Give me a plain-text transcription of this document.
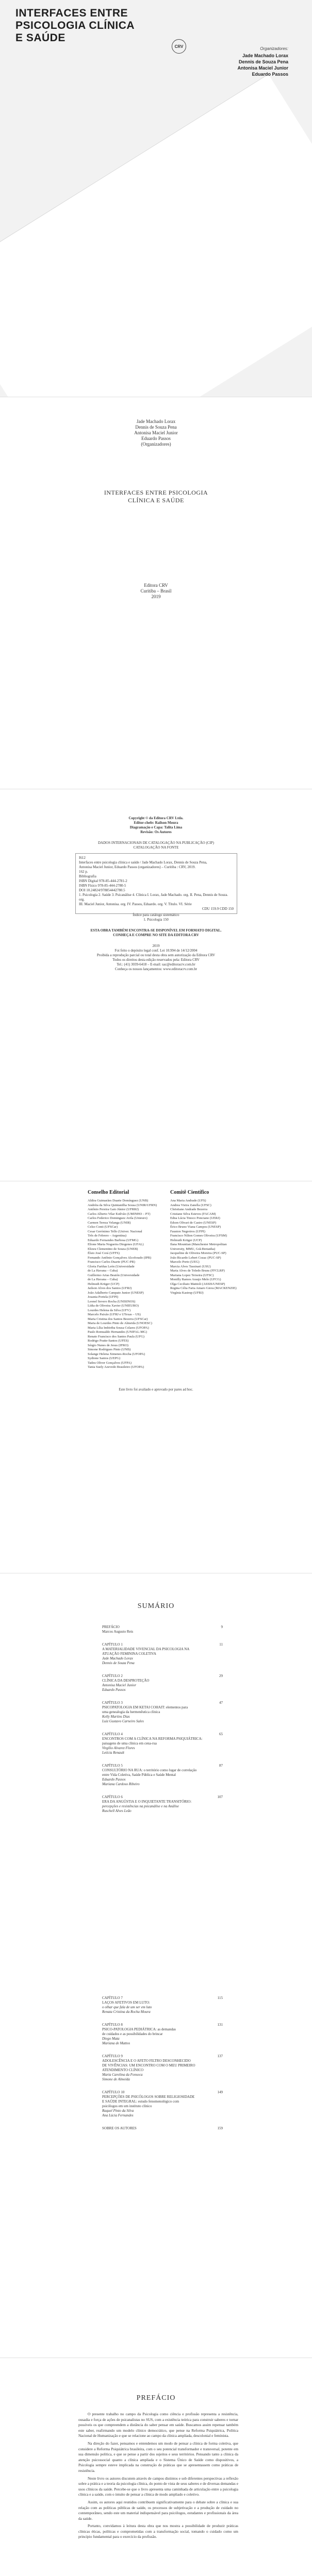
INTERFACES ENTRE PSICOLOGIA CLÍNICA E SAÚDE
CRV	Organizadores:
Jade Machado Lorax
Dennis de Souza Pena
Antonisa Maciel Junior
Eduardo Passos
Jade Machado Lorax
Dennis de Souza Pena
Antonisa Maciel Junior
Eduardo Passos
(Organizadores)
INTERFACES ENTRE PSICOLOGIA
CLÍNICA E SAÚDE
Editora CRV
Curitiba – Brasil
2019
Copyright © da Editora CRV Ltda.
Editor-chefe: Railson Moura
Diagramação e Capa: Talita Lima
Revisão: Os Autores
DADOS INTERNACIONAIS DE CATALOGAÇÃO NA PUBLICAÇÃO (CIP)
CATALOGAÇÃO NA FONTE
I612
Interfaces entre psicologia clínica e saúde / Jade Machado Lorax, Dennis de Souza Pena,
Antonisa Maciel Junior, Eduardo Passos (organizadores) – Curitiba : CRV, 2019.
162 p.
Bibliografia
ISBN Digital 978-85-444-2781-2
ISBN Físico 978-85-444-2780-5
DOI 10.24824/978854442780.5
1. Psicologia 2. Saúde 3. Psicanálise 4. Clínica I. Lorax, Jade Machado. org. II. Pena, Dennis de Souza. org.
III. Maciel Junior, Antonisa. org. IV. Passos, Eduardo. org. V. Título. VI. Série
CDU 159.9 CDD 150
Índice para catálogo sistemático
1. Psicologia 150
ESTA OBRA TAMBÉM ENCONTRA-SE DISPONÍVEL EM FORMATO DIGITAL.
CONHEÇA E COMPRE NO SITE DA EDITORA CRV
2019
Foi feito o depósito legal conf. Lei 10.994 de 14/12/2004
Proibida a reprodução parcial ou total desta obra sem autorização da Editora CRV
Todos os direitos desta edição reservados pela: Editora CRV
Tel.: (41) 3039-6418 – E-mail: sac@editoracrv.com.br
Conheça os nossos lançamentos: www.editoracrv.com.br
Conselho Editorial	Comitê Científico
Aldira Guimarães Duarte Domínguez (UNB)
Andréia da Silva Quintanilha Sousa (UNIR/UFRN)
Antônio Pereira Gaio Júnior (UFRRJ)
Carlos Alberto Vilar Estêvão (UMINHO – PT)
Carlos Federico Dominguez Avila (Unieuro)
Carmen Tereza Velanga (UNIR)
Celso Conti (UFSCar)
Cesar Gerónimo Tello (Univer. Nacional
Três de Febrero – Argentina)
Eduardo Fernandes Barbosa (UFMG)
Elione Maria Nogueira Diogenes (UFAL)
Elizeu Clementino de Souza (UNEB)
Élsio José Corá (UFFS)
Fernando Antônio Gonçalves Alcoforado (IPB)
Francisco Carlos Duarte (PUC-PR)
Gloria Fariñas León (Universidade
de La Havana – Cuba)
Guillermo Arias Beatón (Universidade
de La Havana – Cuba)
Helmuth Krüger (UCP)
Jailson Alves dos Santos (UFRJ)
João Adalberto Campato Junior (UNESP)
Josania Portela (UFPI)
Leonel Severo Rocha (UNISINOS)
Lídia de Oliveira Xavier (UNIEURO)
Lourdes Helena da Silva (UFV)
Marcelo Paixão (UFRJ e UTexas – US)
Maria Cristina dos Santos Bezerra (UFSCar)
Maria de Lourdes Pinto de Almeida (UNOESC)
Maria Lília Imbiriba Sousa Colares (UFOPA)
Paulo Romualdo Hernandes (UNIFAL-MG)
Renato Francisco dos Santos Paula (UFG)
Rodrigo Pratte-Santos (UFES)
Sérgio Nunes de Jesus (IFRO)
Simone Rodrigues Pinto (UNB)
Solange Helena Ximenes-Rocha (UFOPA)
Sydione Santos (UEPG)
Tadeu Oliver Gonçalves (UFPA)
Tania Suely Azevedo Brasileiro (UFOPA)
Ana Maria Andrade (UFS)
Andrea Vieira Zanella (UFSC)
Christiane Andrade Bezerra
Cristiane Silva Esteves (FACAM)
Edna Lúcia Tinoco Ponciano (UERJ)
Edson Olivari de Castro (UNESP)
Érico Bruno Viana Campos (UNESP)
Fauston Negreiros (UFPI)
Francisco Nilton Gomes Oliveira (UFSM)
Helmuth Krüger (UCP)
Ilana Mountian (Manchester Metropolitan
University, MMU, Grã-Bretanha)
Jacqueline de Oliveira Moreira (PUC-SP)
João Ricardo Lebert Cozac (PUC-SP)
Marcelo Porto (UEG)
Marcia Alves Tassinari (USU)
Maria Alves de Toledo Bruns (FFCLRP)
Mariana Lopez Teixeira (UFSC)
Monilly Ramos Araujo Melo (UFCG)
Olga Ceciliato Mattioli (ASSIS/UNESP)
Regina Célia Faria Amaro Giora (MACKENZIE)
Virgínia Kastrup (UFRJ)
Este livro foi avaliado e aprovado por pares ad hoc.
SUMÁRIO
PREFÁCIO
Marcos Augusto Reis
9
CAPÍTULO 1
A MATERIALIDADE VIVENCIAL DA PSICOLOGIA NA
ATUAÇÃO FEMININA COLETIVA
Jade Machado Lorax
Dennis de Souza Pena
11
CAPÍTULO 2
CLÍNICA DA DESPROTEÇÃO
Antonisa Maciel Junior
Eduardo Passos
29
CAPÍTULO 3
PSICOPATOLOGIA EM KETAI COHAIT: elementos para
uma genealogia da hermenêutica clínica
Kelly Martins Dias
Luiz Gustavo Carneiro Sales
47
CAPÍTULO 4
ENCONTROS COM A CLÍNICA NA REFORMA PSIQUIÁTRICA:
paisagens de uma clínica em cena-rua
Virgílio Alvarez Flores
Letícia Renault
65
CAPÍTULO 5
CONSULTÓRIO NA RUA: o território como lugar de correlação
entre Vida Coletiva, Saúde Pública e Saúde Mental
Eduardo Passos
Mariana Cardoso Ribeiro
87
CAPÍTULO 6
ERA DA ANGÚSTIA E O INQUIETANTE TRANSITÓRIO:
percepções e resistências na psicanálise e na Análise
Ruschell Alves Leão
107
CAPÍTULO 7
LAÇOS AFETIVOS EM LUTO:
o olhar que fala de um ser em luto
Renata Cristina da Rocha Moura
115
CAPÍTULO 8
PSICO-PATOLOGIA PEDIÁTRICA: as demandas
de cuidados e as possibilidades do brincar
Diego Mata
Mariana de Mattos
131
CAPÍTULO 9
ADOLESCÊNCIA E O AFETO FILTRO DESCONHECIDO
DE VIVÊNCIAS: UM ENCONTRO COM O MEU PRIMEIRO
ATENDIMENTO CLÍNICO
Maria Carolina da Fonseca
Simone de Almeida
137
CAPÍTULO 10
PERCEPÇÕES DE PSICÓLOGOS SOBRE RELIGIOSIDADE
E SAÚDE INTEGRAL: estudo fenomenológico com
psicólogos em um instituto clínico
Raquel Pinto da Silva
Ana Lúcia Fernandes
149
SOBRE OS AUTORES	159
PREFÁCIO

O presente trabalho no campo da Psicologia como ciência e profissão representa a resistência, ousadia e força de ações de psicanalistas no SUS, com a existência teórica para construir saberes e tornar possíveis os que compreendem a distância do saber pensar em saúde. Buscamos assim repensar também este saber, reafirmando um modelo clínico democrático, que pense na Reforma Psiquiátrica, Política Nacional de Humanização e que se relacione ao campo da clínica ampliada, descolonial e feminista.

Na direção do fazer, pensamos e entendemos um modo de pensar a clínica de forma coletiva, que considere a Reforma Psiquiátrica brasileira, com o seu potencial transformador e transversal, potente em sua dimensão política, e que se pense a partir dos sujeitos e seus territórios. Pensando tanto a clínica da atenção psicossocial quanto a clínica ampliada e o Sistema Único de Saúde como dispositivos, a Psicologia sempre esteve implicada na construção de práticas que se apresentassem como práticas de resistência.

Neste livro os autores discutem através de campos distintos e sob diferentes perspectivas a reflexão sobre a prática e a teoria da psicologia clínica, do ponto de vista de seus saberes e de diversas demandas e usos clínicos da saúde. Percebe-se que o livro apresenta uma caminhada de articulação entre a psicologia clínica e a saúde, com o intuito de pensar a clínica de modo ampliado e coletivo.

Assim, os autores aqui reunidos contribuem significativamente para o debate sobre a clínica e sua relação com as políticas públicas de saúde, os processos de subjetivação e a produção de cuidado no contemporâneo, sendo este um material indispensável para psicólogos, estudantes e profissionais da área da saúde.

Portanto, convidamos à leitura desta obra que nos mostra a possibilidade de produzir práticas clínicas éticas, políticas e comprometidas com a transformação social, tomando o cuidado como um princípio fundamental para o exercício da profissão.
